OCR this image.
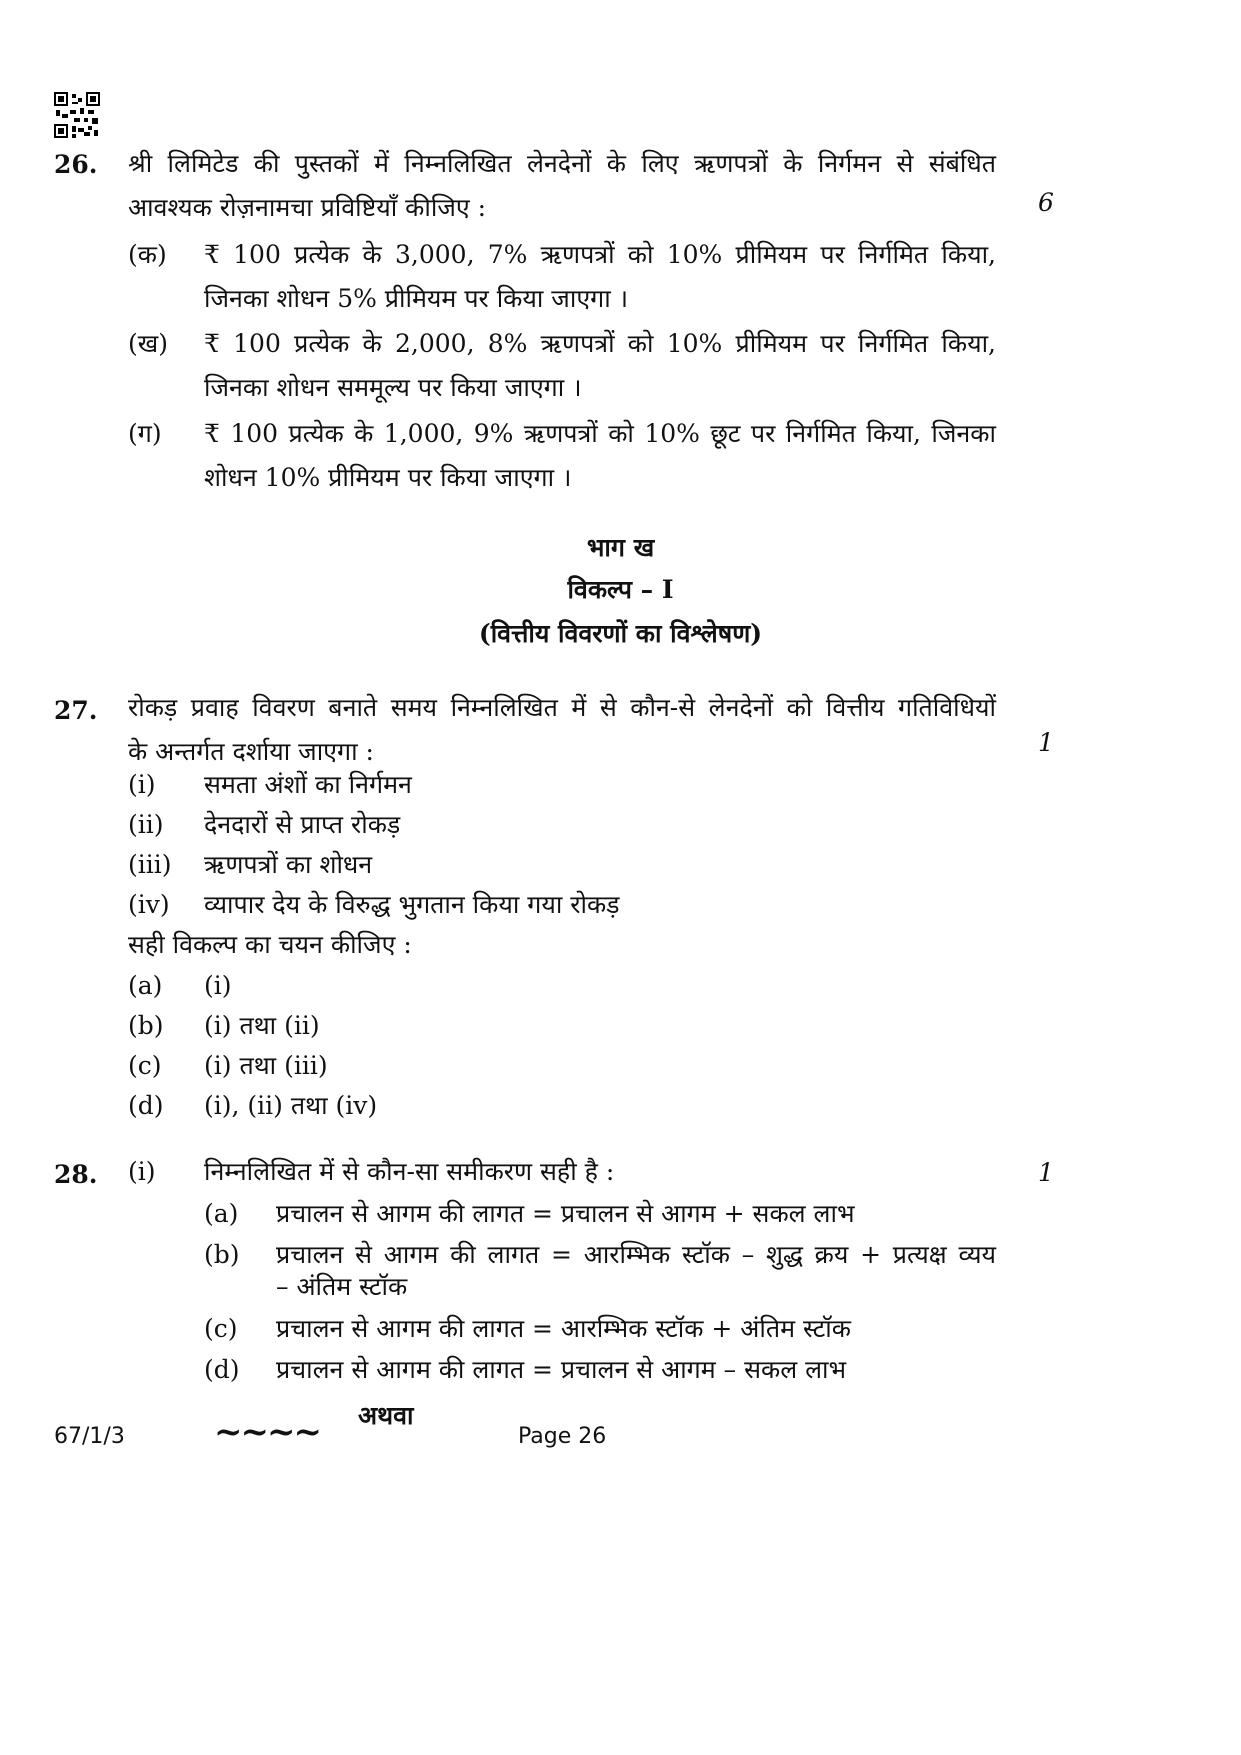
26. श्री लिमिटेड की पुस्तकों में निम्नलिखित लेनदेनों के लिए ऋणपत्रों के निर्गमन से संबंधित
आवश्यक रोज़नामचा प्रविष्टियाँ कीजिए :	6
(क) ₹ 100 प्रत्येक के 3,000, 7% ऋणपत्रों को 10% प्रीमियम पर निर्गमित किया,
जिनका शोधन 5% प्रीमियम पर किया जाएगा ।
(ख) ₹ 100 प्रत्येक के 2,000, 8% ऋणपत्रों को 10% प्रीमियम पर निर्गमित किया,
जिनका शोधन सममूल्य पर किया जाएगा ।
(ग) ₹ 100 प्रत्येक के 1,000, 9% ऋणपत्रों को 10% छूट पर निर्गमित किया, जिनका
शोधन 10% प्रीमियम पर किया जाएगा ।
भाग ख
विकल्प – I
(वित्तीय विवरणों का विश्लेषण)
27. रोकड़ प्रवाह विवरण बनाते समय निम्नलिखित में से कौन-से लेनदेनों को वित्तीय गतिविधियों
के अन्तर्गत दर्शाया जाएगा :	1
(i) समता अंशों का निर्गमन
(ii) देनदारों से प्राप्त रोकड़
(iii) ऋणपत्रों का शोधन
(iv) व्यापार देय के विरुद्ध भुगतान किया गया रोकड़
सही विकल्प का चयन कीजिए :
(a) (i)
(b) (i) तथा (ii)
(c) (i) तथा (iii)
(d) (i), (ii) तथा (iv)
28. (i) निम्नलिखित में से कौन-सा समीकरण सही है :	1
(a) प्रचालन से आगम की लागत = प्रचालन से आगम + सकल लाभ
(b) प्रचालन से आगम की लागत = आरम्भिक स्टॉक – शुद्ध क्रय + प्रत्यक्ष व्यय
– अंतिम स्टॉक
(c) प्रचालन से आगम की लागत = आरम्भिक स्टॉक + अंतिम स्टॉक
(d) प्रचालन से आगम की लागत = प्रचालन से आगम – सकल लाभ
अथवा
67/1/3	~~~~	Page 26
